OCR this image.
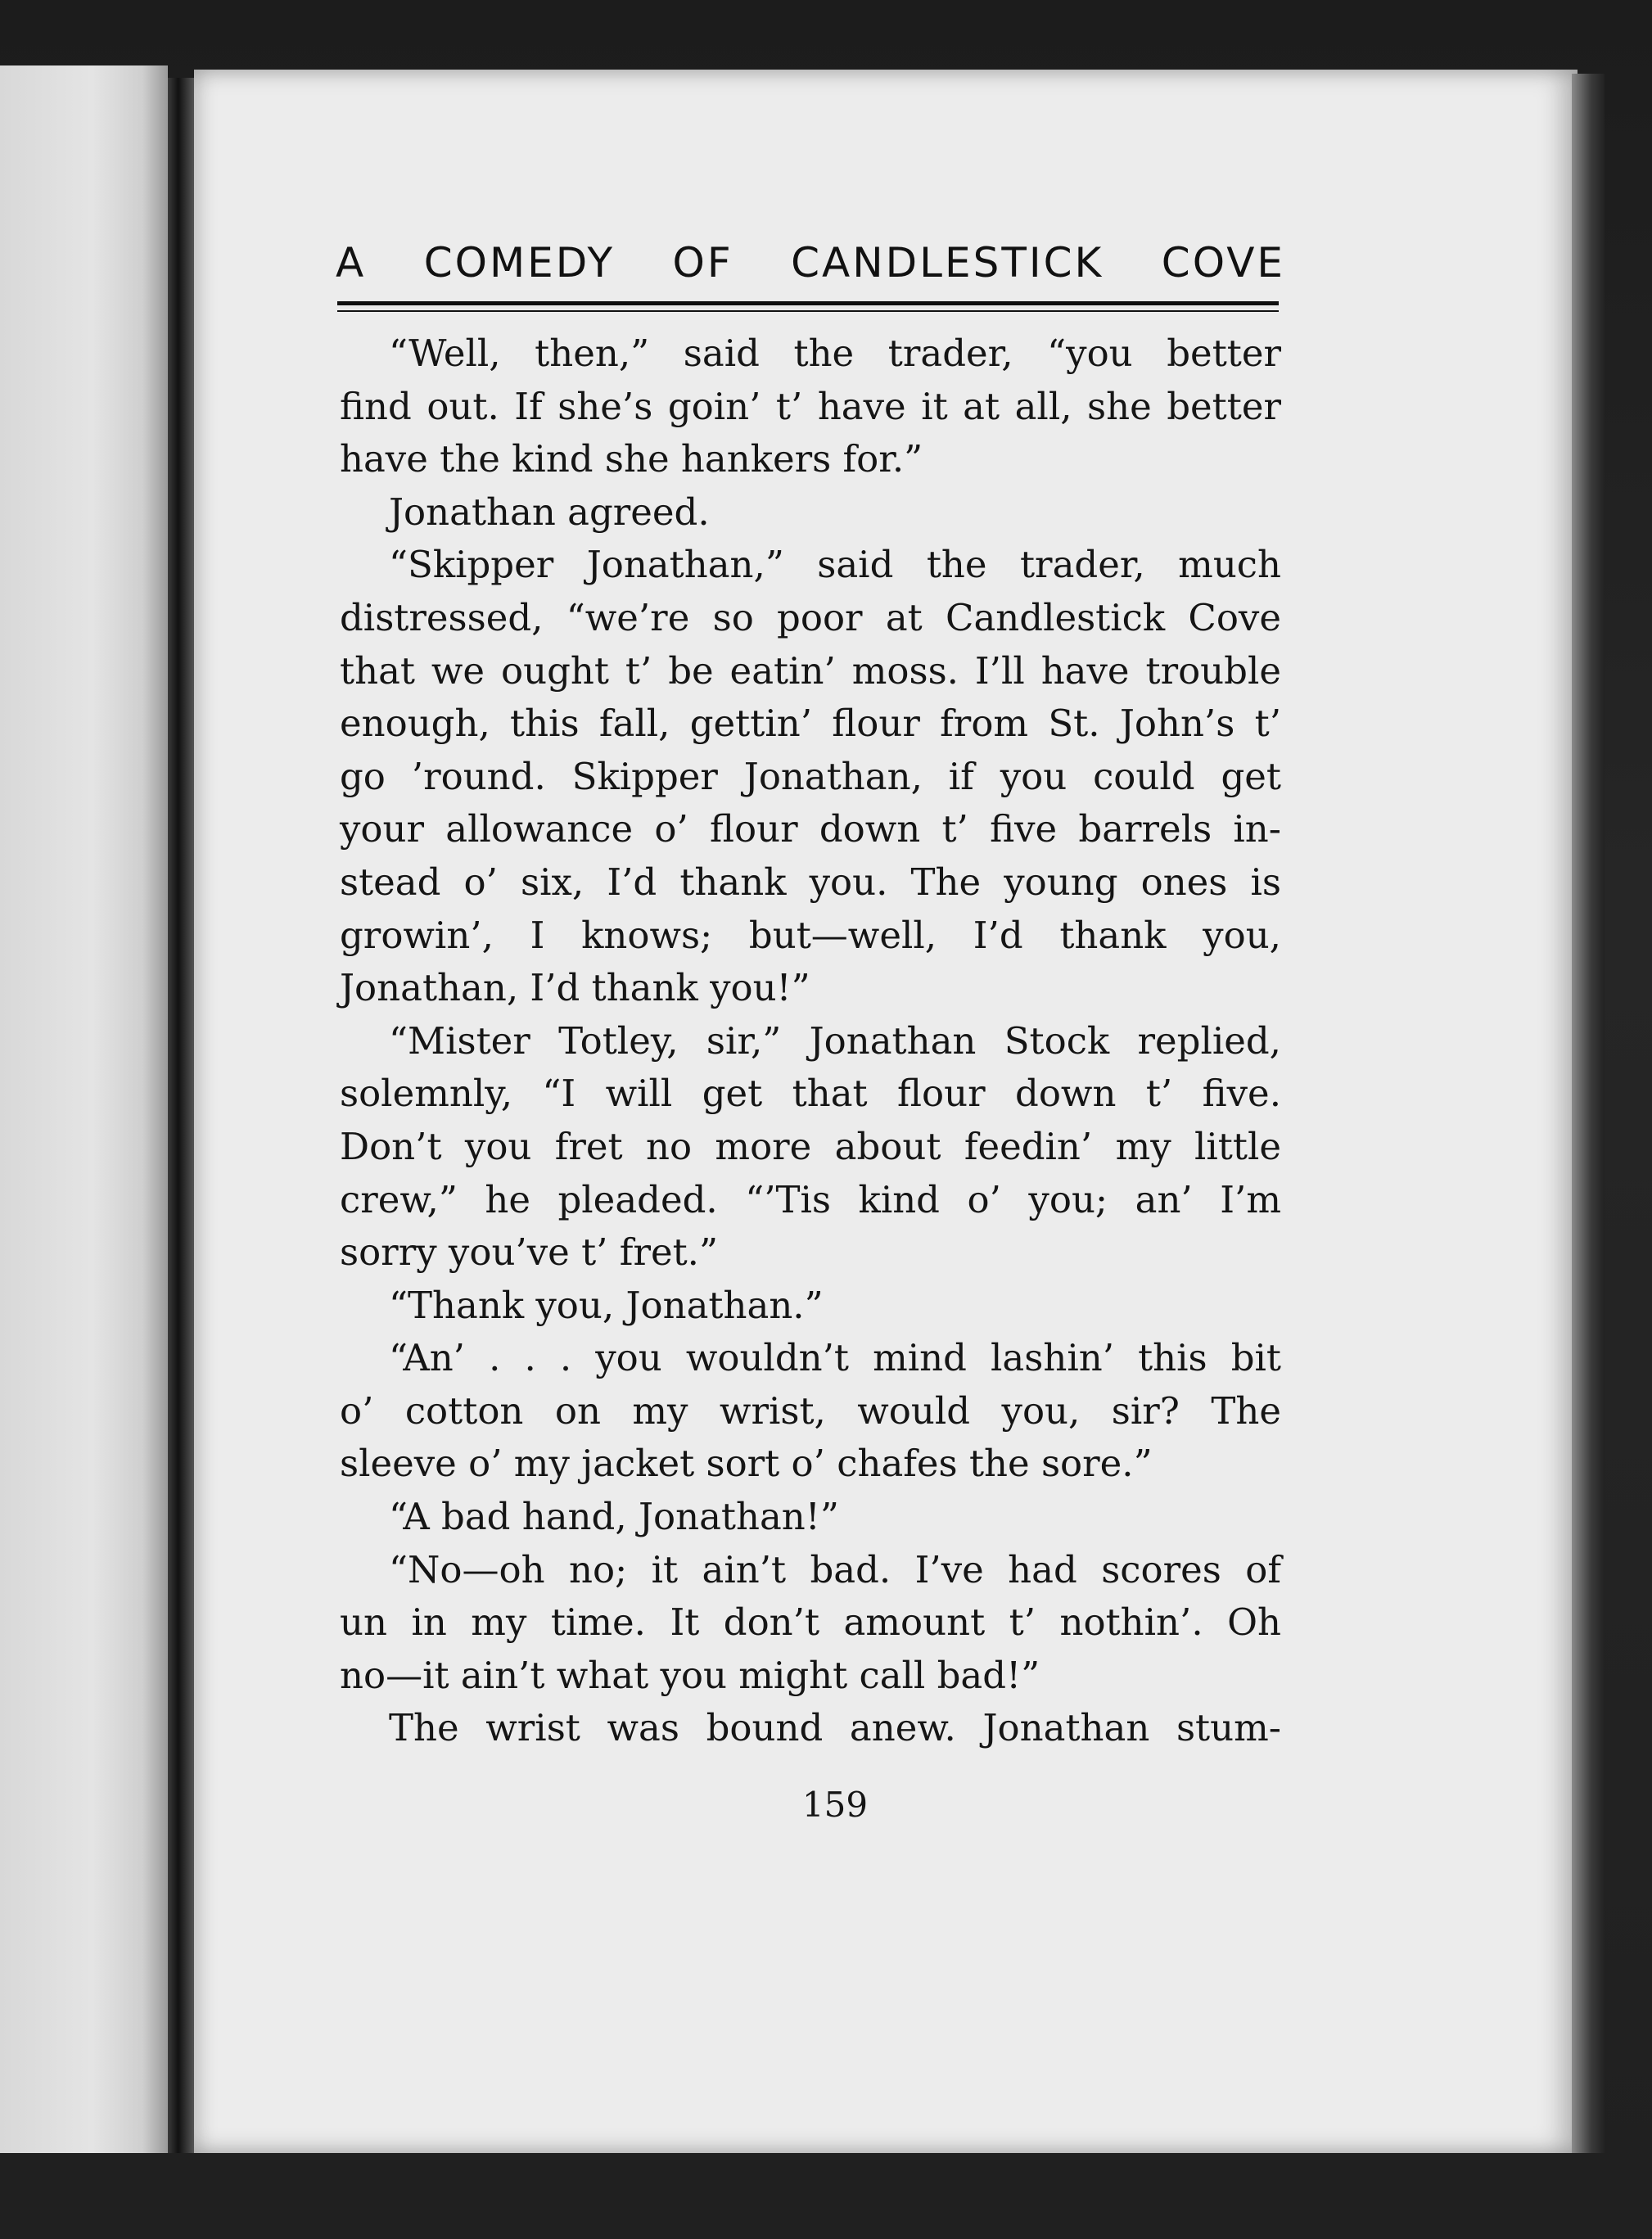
A COMEDY OF CANDLESTICK COVE
“Well, then,” said the trader, “you better
find out. If she’s goin’ t’ have it at all, she better
have the kind she hankers for.”
Jonathan agreed.
“Skipper Jonathan,” said the trader, much
distressed, “we’re so poor at Candlestick Cove
that we ought t’ be eatin’ moss. I’ll have trouble
enough, this fall, gettin’ flour from St. John’s t’
go ’round. Skipper Jonathan, if you could get
your allowance o’ flour down t’ five barrels in-
stead o’ six, I’d thank you. The young ones is
growin’, I knows; but—well, I’d thank you,
Jonathan, I’d thank you!”
“Mister Totley, sir,” Jonathan Stock replied,
solemnly, “I will get that flour down t’ five.
Don’t you fret no more about feedin’ my little
crew,” he pleaded. “’Tis kind o’ you; an’ I’m
sorry you’ve t’ fret.”
“Thank you, Jonathan.”
“An’ . . . you wouldn’t mind lashin’ this bit
o’ cotton on my wrist, would you, sir? The
sleeve o’ my jacket sort o’ chafes the sore.”
“A bad hand, Jonathan!”
“No—oh no; it ain’t bad. I’ve had scores of
un in my time. It don’t amount t’ nothin’. Oh
no—it ain’t what you might call bad!”
The wrist was bound anew. Jonathan stum-
159
